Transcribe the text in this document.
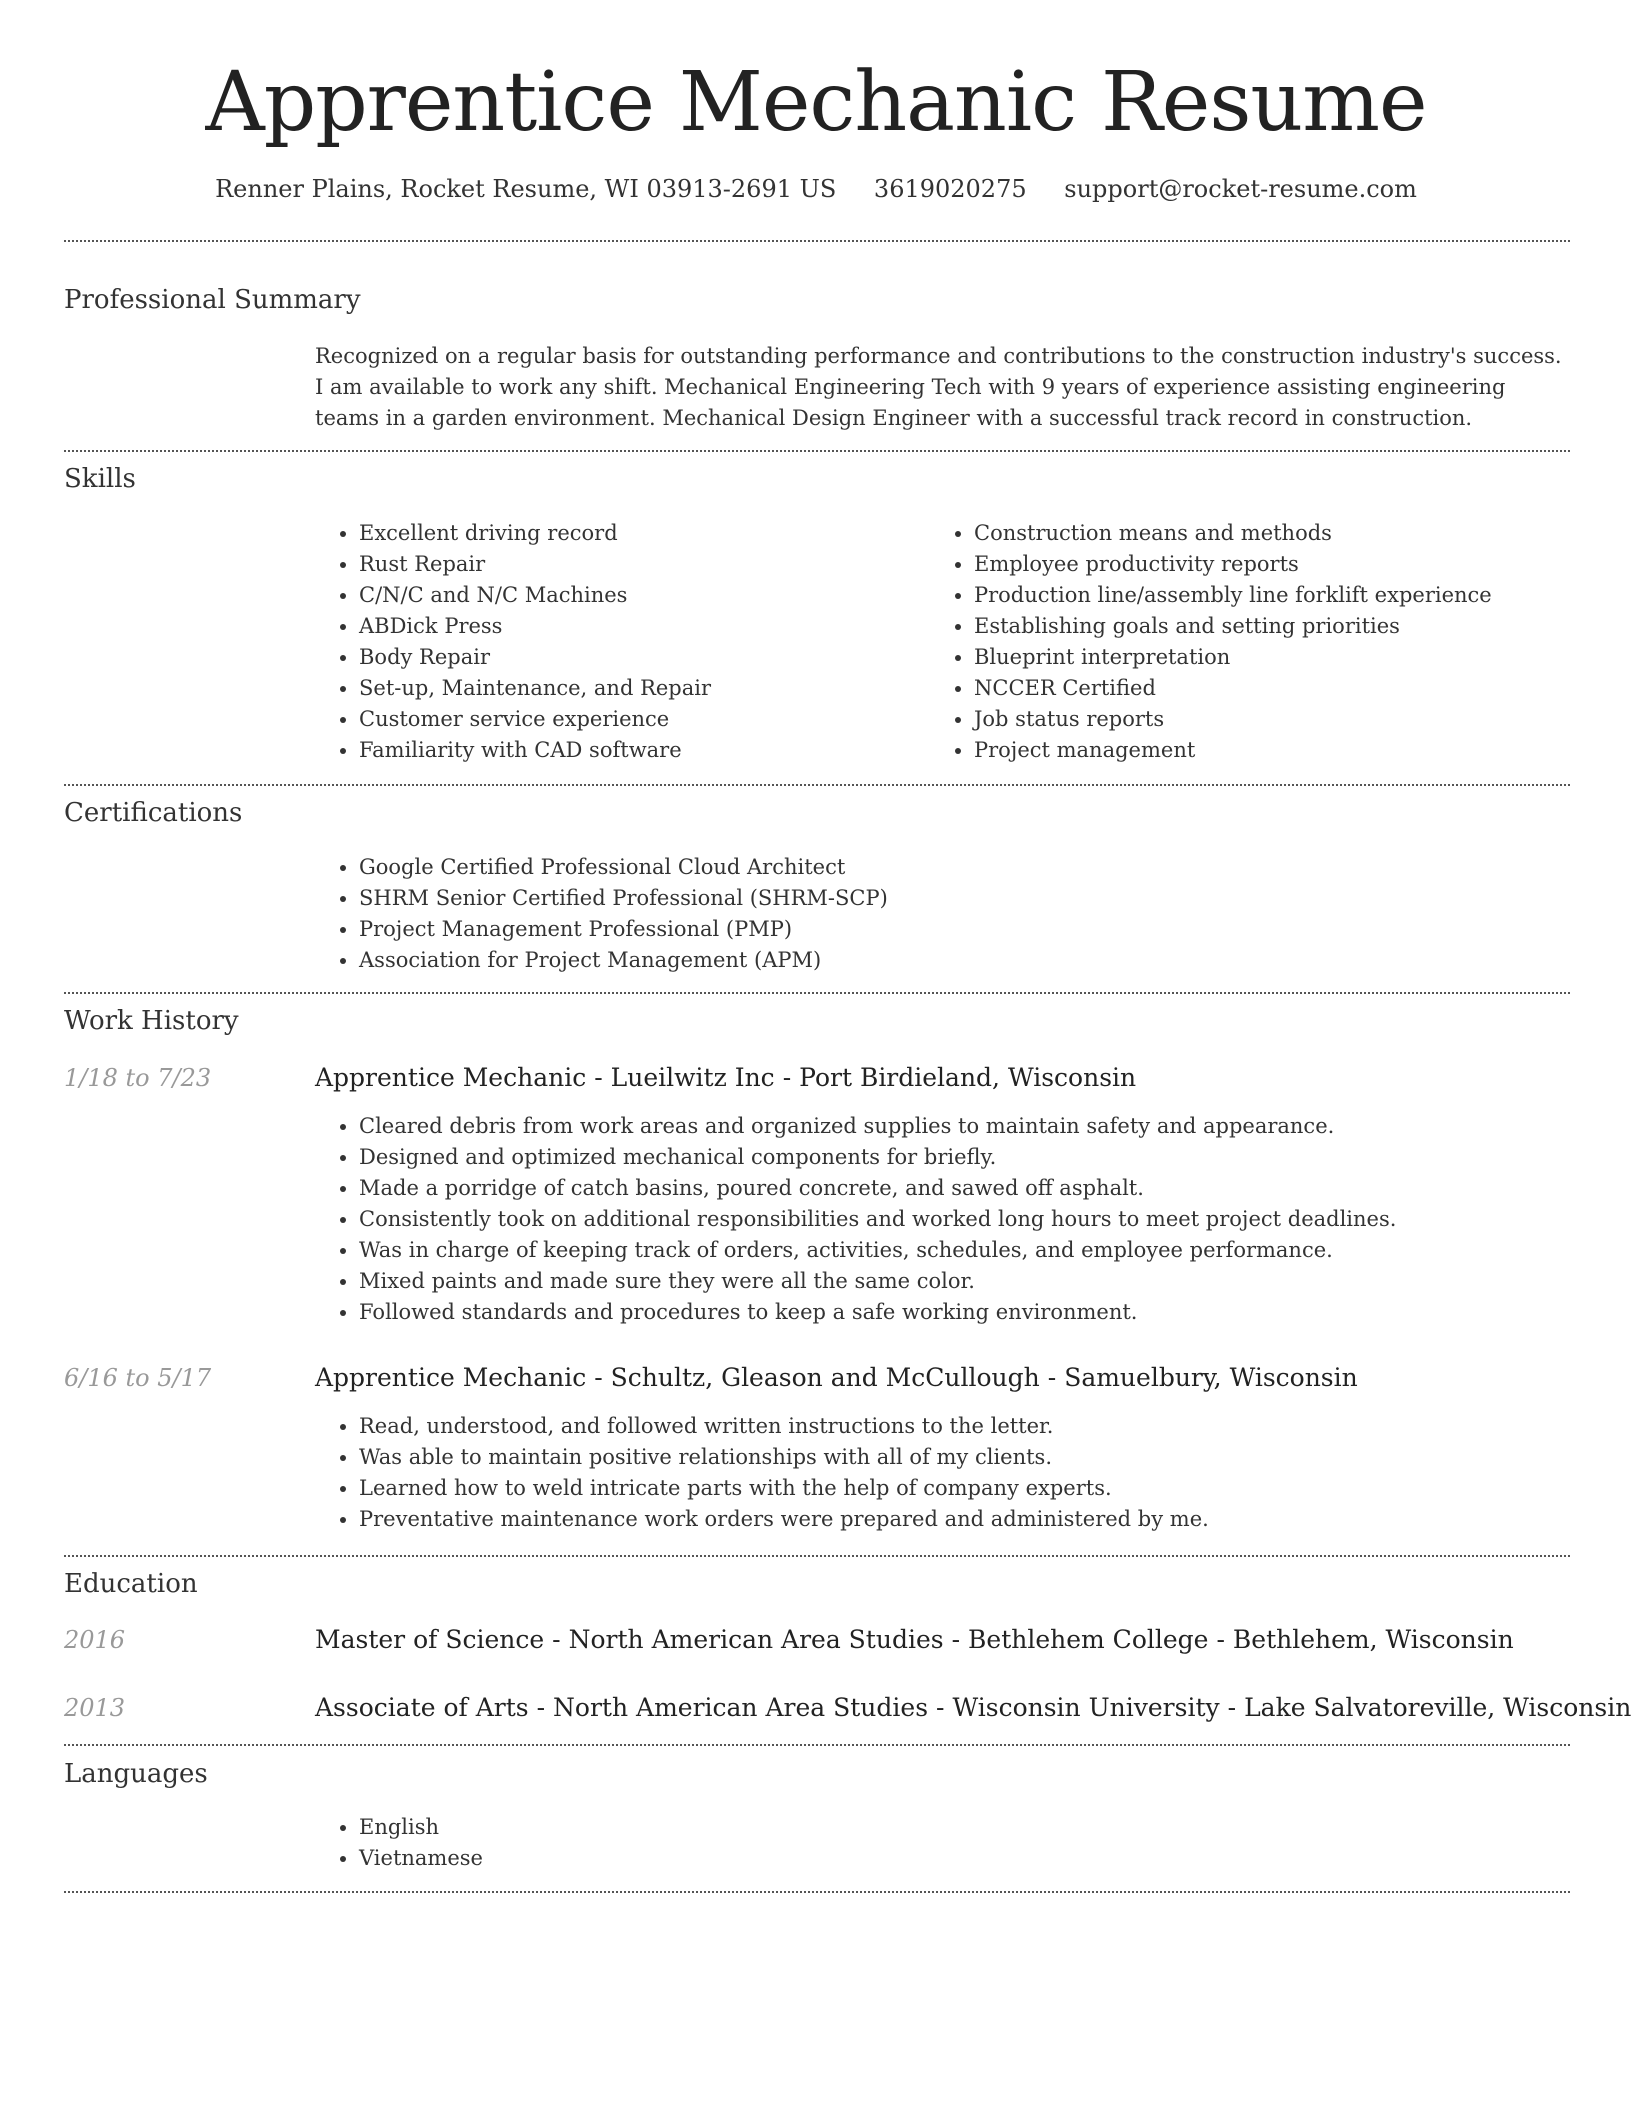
Apprentice Mechanic Resume
Renner Plains, Rocket Resume, WI 03913-2691 US 3619020275 support@rocket-resume.com
Professional Summary
Recognized on a regular basis for outstanding performance and contributions to the construction industry's success. I am available to work any shift. Mechanical Engineering Tech with 9 years of experience assisting engineering teams in a garden environment. Mechanical Design Engineer with a successful track record in construction.
Skills
• Excellent driving record
• Rust Repair
• C/N/C and N/C Machines
• ABDick Press
• Body Repair
• Set-up, Maintenance, and Repair
• Customer service experience
• Familiarity with CAD software
• Construction means and methods
• Employee productivity reports
• Production line/assembly line forklift experience
• Establishing goals and setting priorities
• Blueprint interpretation
• NCCER Certified
• Job status reports
• Project management
Certifications
• Google Certified Professional Cloud Architect
• SHRM Senior Certified Professional (SHRM-SCP)
• Project Management Professional (PMP)
• Association for Project Management (APM)
Work History
1/18 to 7/23	Apprentice Mechanic - Lueilwitz Inc - Port Birdieland, Wisconsin
• Cleared debris from work areas and organized supplies to maintain safety and appearance.
• Designed and optimized mechanical components for briefly.
• Made a porridge of catch basins, poured concrete, and sawed off asphalt.
• Consistently took on additional responsibilities and worked long hours to meet project deadlines.
• Was in charge of keeping track of orders, activities, schedules, and employee performance.
• Mixed paints and made sure they were all the same color.
• Followed standards and procedures to keep a safe working environment.
6/16 to 5/17	Apprentice Mechanic - Schultz, Gleason and McCullough - Samuelbury, Wisconsin
• Read, understood, and followed written instructions to the letter.
• Was able to maintain positive relationships with all of my clients.
• Learned how to weld intricate parts with the help of company experts.
• Preventative maintenance work orders were prepared and administered by me.
Education
2016	Master of Science - North American Area Studies - Bethlehem College - Bethlehem, Wisconsin
2013	Associate of Arts - North American Area Studies - Wisconsin University - Lake Salvatoreville, Wisconsin
Languages
• English
• Vietnamese
